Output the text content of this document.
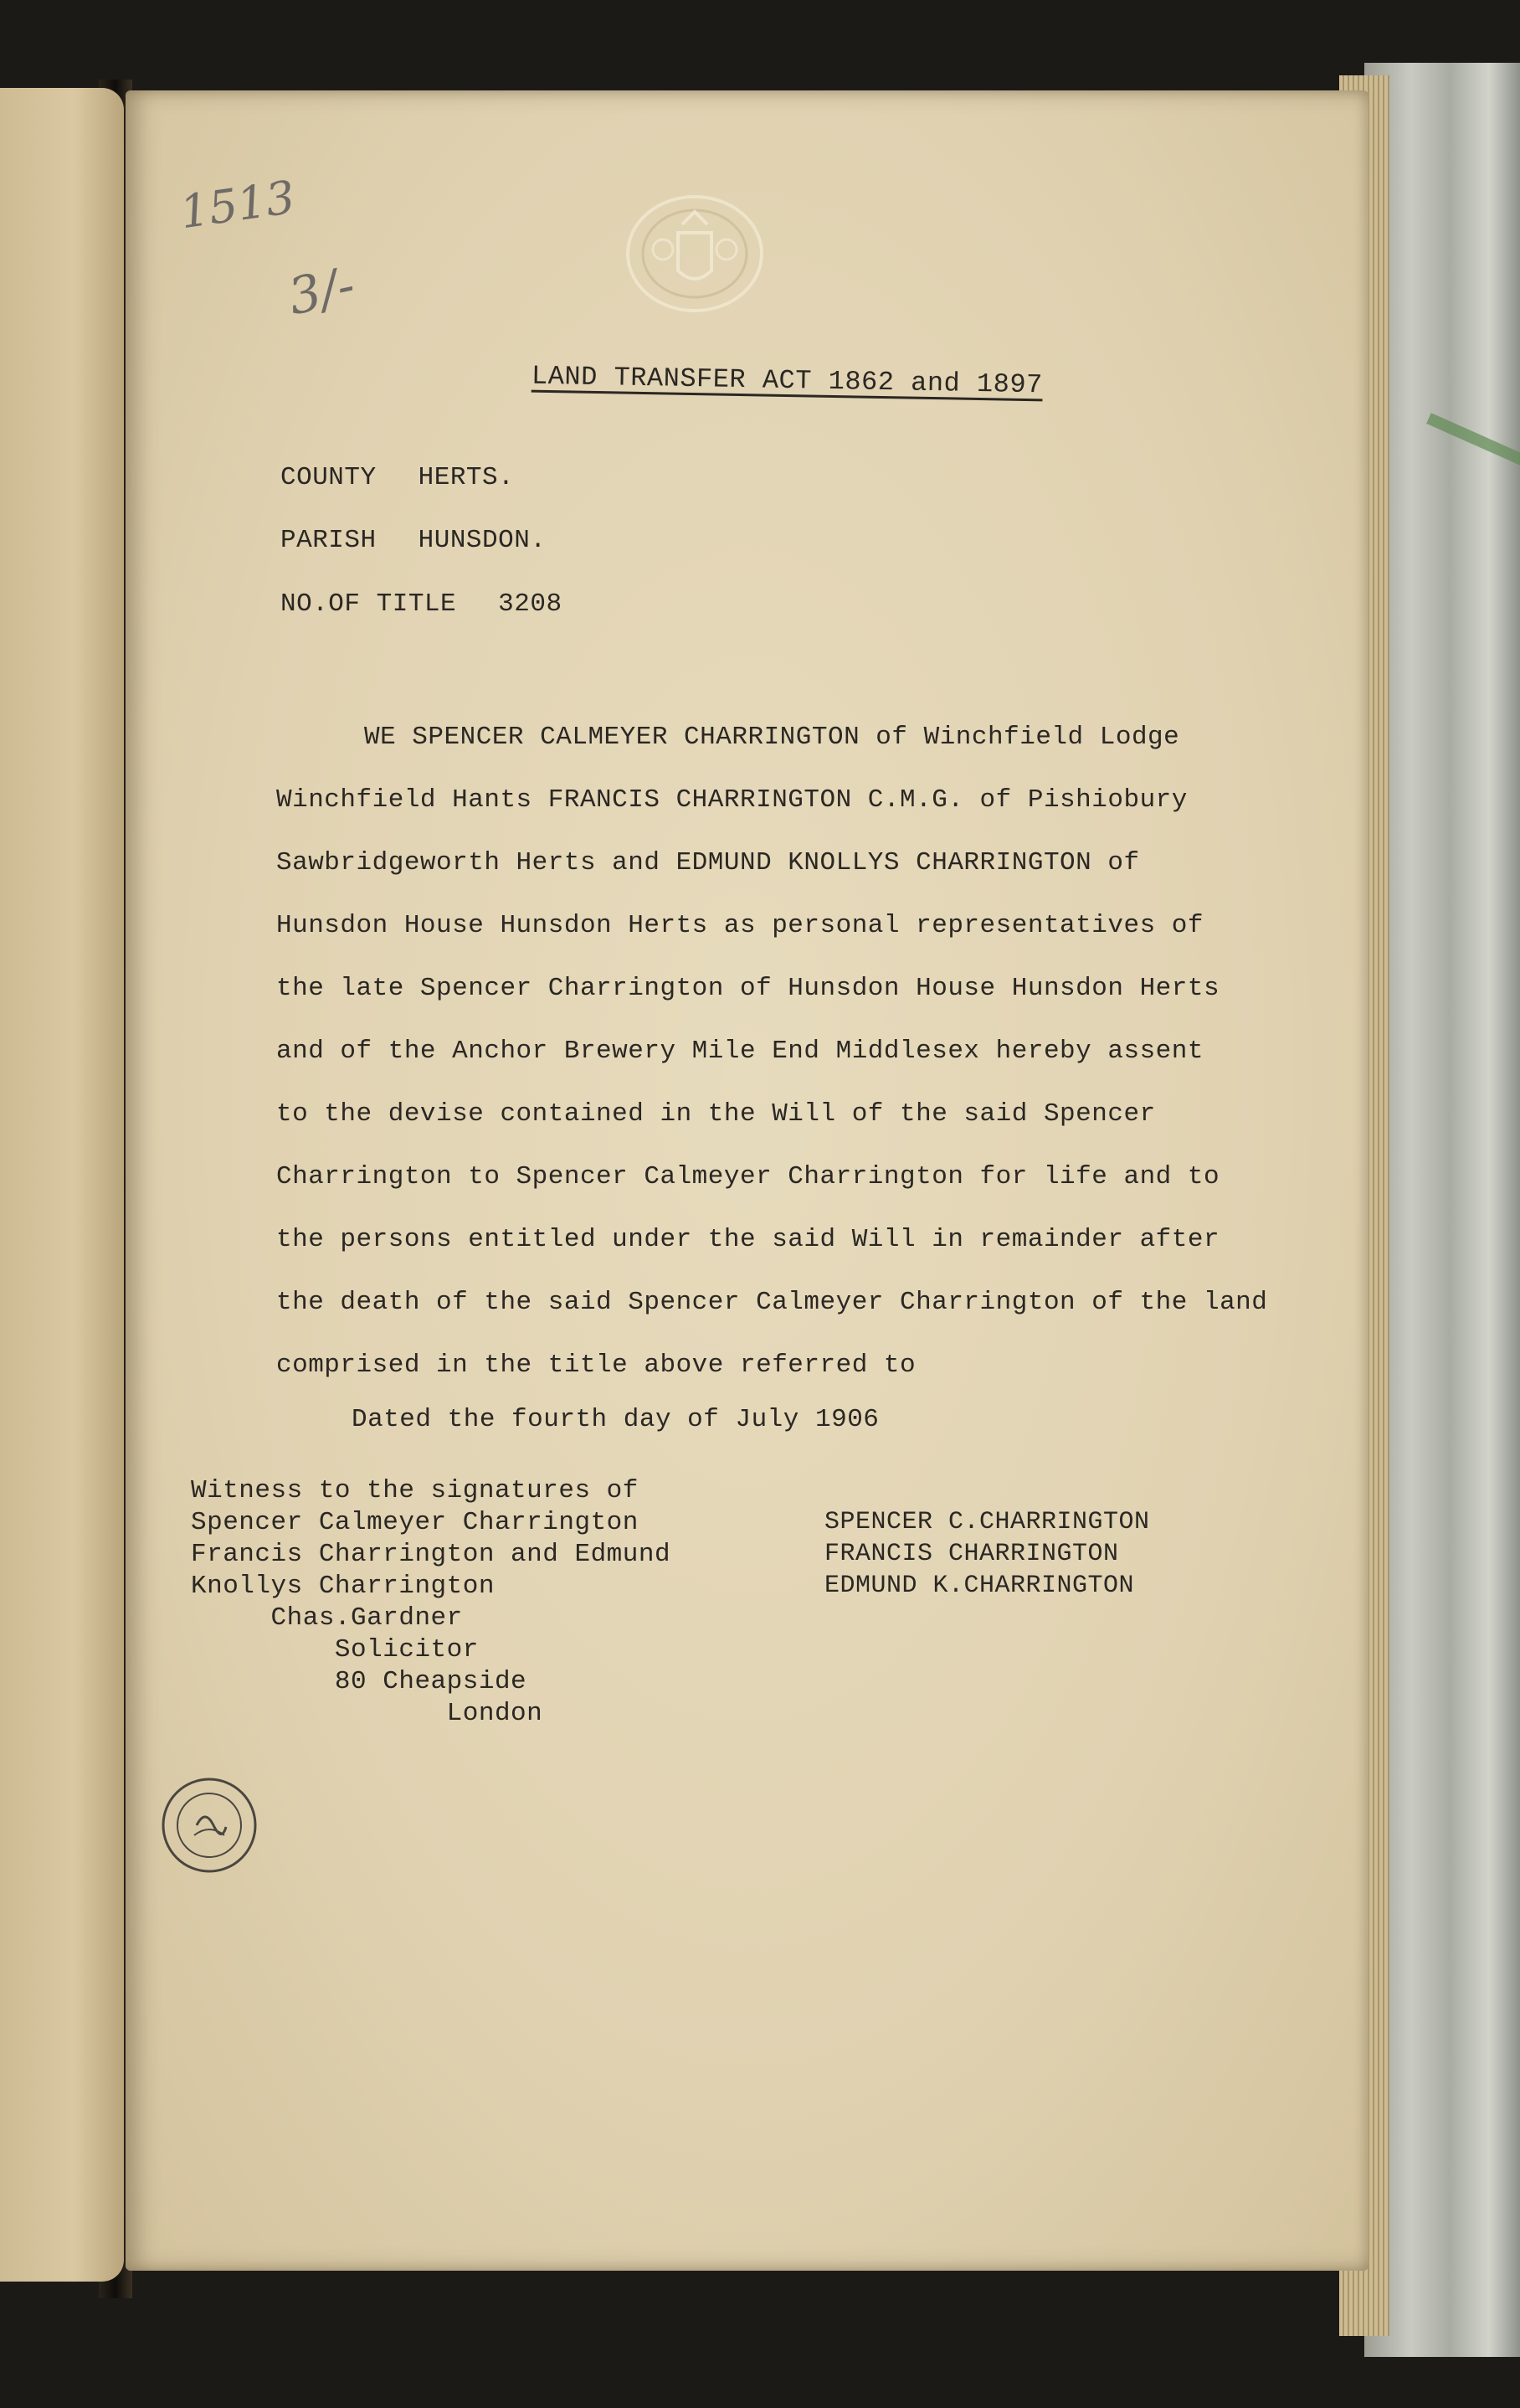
1513
3/-
LAND TRANSFER ACT 1862 and 1897
COUNTY HERTS.
PARISH HUNSDON.
NO.OF TITLE 3208
WE SPENCER CALMEYER CHARRINGTON of Winchfield Lodge
Winchfield Hants FRANCIS CHARRINGTON C.M.G. of Pishiobury
Sawbridgeworth Herts and EDMUND KNOLLYS CHARRINGTON of
Hunsdon House Hunsdon Herts as personal representatives of
the late Spencer Charrington of Hunsdon House Hunsdon Herts
and of the Anchor Brewery Mile End Middlesex hereby assent
to the devise contained in the Will of the said Spencer
Charrington to Spencer Calmeyer Charrington for life and to
the persons entitled under the said Will in remainder after
the death of the said Spencer Calmeyer Charrington of the land
comprised in the title above referred to
Dated the fourth day of July 1906
Witness to the signatures of
Spencer Calmeyer Charrington
Francis Charrington and Edmund
Knollys Charrington
Chas.Gardner
Solicitor
80 Cheapside
London
SPENCER C.CHARRINGTON
FRANCIS CHARRINGTON
EDMUND K.CHARRINGTON
